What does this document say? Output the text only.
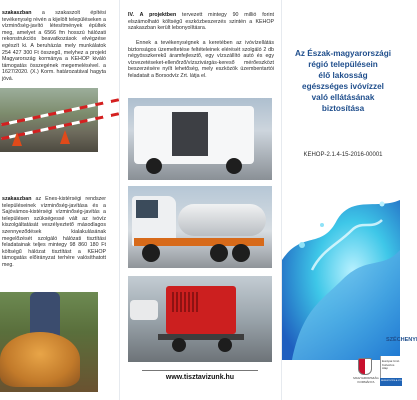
szakaszban a szakaszolt építési tevékenység révén a kijelölt településeken a vízminőség-javító létesítmények épültek meg, amelyet a 6566 fm hosszú hálózati rekonstrukciós beavatkozások elvégzése egészít ki. A beruházás mely munkálatok 254 427 300 Ft összegű, melyhez a projekt Magyarország kormánya a KEHOP kiváló támogatás összegének megemelésével. a 1627/2020. (X.) Korm. határozatával hagyta jóvá.
szakaszban az Enes-kistérségi rendszer településeinek vízminőség-javítása és a Sajóvámos-kistérségi vízminőség-javítás a településen szükségessé vált az ivóvíz kiszolgáltatását veszélyeztető másodlagos szennyeződések kialakulásának megelőzését szolgáló hálózati tisztítási feladatainak teljes mintegy 98 860 180 Ft költségű hálózat tisztítást a KEHOP támogatás előirányzat terhére valósíthatott meg.
IV. A projektben tervezett mintegy 90 millió forint elszámolható költségű eszközbeszerzés szintén a KEHOP szakaszban került lebonyolításra.
Ennek a tevékenységnek a keretében az ivóvízellátás biztonságos üzemeltetése feltételeinek elérését szolgáló 2 db négyösszkerekű áramfejlesztő, egy vízszállító autó és egy vízvezetéseket-ellenőrző/vízszivárgás-kereső mérőeszközt beszerzésére nyílt lehetőség, mely eszközök üzembentartói feladatait a Borsodvíz Zrt. látja el.
www.tisztavizunk.hu
Az Észak-magyarországi
régió településein
élő lakosság
egészséges ivóvízzel
való ellátásának
biztosítása
KEHOP-2.1.4-15-2016-00001
SZÉCHENYI
MAGYARORSZÁG KORMÁNYA
Európai Unió Kohéziós Alap
BEFEKTETÉS A JÖVŐBE
